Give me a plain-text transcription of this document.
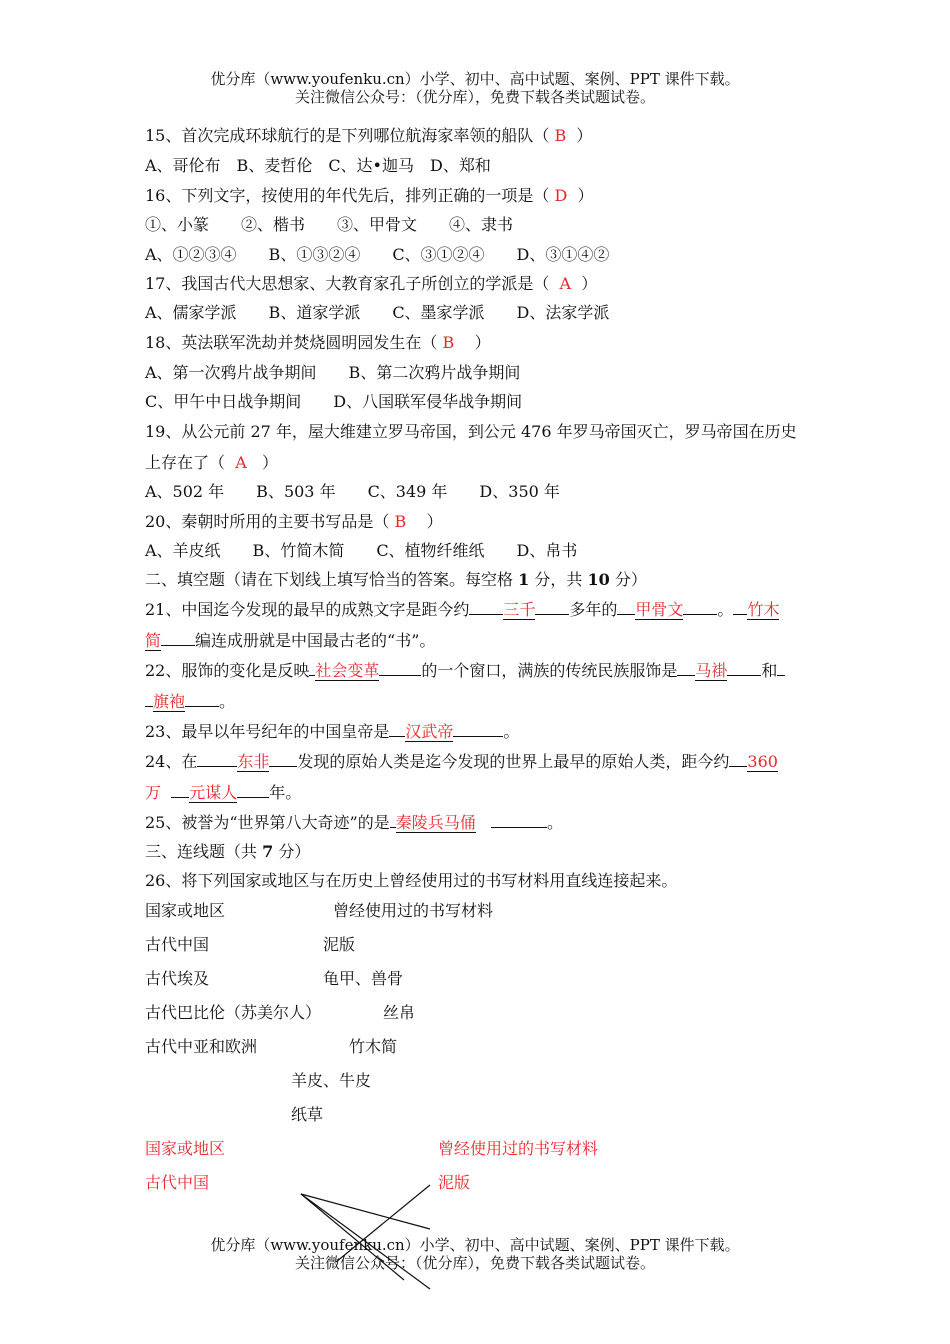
优分库（www.youfenku.cn）小学、初中、高中试题、案例、PPT 课件下载。
关注微信公众号：（优分库），免费下载各类试题试卷。
15、首次完成环球航行的是下列哪位航海家率领的船队（ B ）
A、哥伦布　B、麦哲伦　C、达•迦马　D、郑和
16、下列文字，按使用的年代先后，排列正确的一项是（ D ）
①、小篆　　②、楷书　　③、甲骨文　　④、隶书
A、①②③④　　B、①③②④　　C、③①②④　　D、③①④②
17、我国古代大思想家、大教育家孔子所创立的学派是（ A ）
A、儒家学派　　B、道家学派　　C、墨家学派　　D、法家学派
18、英法联军洗劫并焚烧圆明园发生在（ B ）
A、第一次鸦片战争期间　　B、第二次鸦片战争期间
C、甲午中日战争期间　　D、八国联军侵华战争期间
19、从公元前 27 年，屋大维建立罗马帝国，到公元 476 年罗马帝国灭亡，罗马帝国在历史
上存在了（ A ）
A、502 年　　B、503 年　　C、349 年　　D、350 年
20、秦朝时所用的主要书写品是（ B ）
A、羊皮纸　　B、竹简木简　　C、植物纤维纸　　D、帛书
二、填空题（请在下划线上填写恰当的答案。每空格 1 分，共 10 分）
21、中国迄今发现的最早的成熟文字是距今约 三千 多年的 甲骨文 。 竹木
简 编连成册就是中国最古老的“书”。
22、服饰的变化是反映 社会变革	的一个窗口，满族的传统民族服饰是 马褂 和
旗袍 。
23、最早以年号纪年的中国皇帝是 汉武帝	。
24、在	东非 发现的原始人类是迄今发现的世界上最早的原始人类，距今约 360
万 元谋人 年。
25、被誉为“世界第八大奇迹”的是 秦陵兵马俑	。
三、连线题（共 7 分）
26、将下列国家或地区与在历史上曾经使用过的书写材料用直线连接起来。
国家或地区	曾经使用过的书写材料
古代中国	泥版
古代埃及	龟甲、兽骨
古代巴比伦（苏美尔人）	丝帛
古代中亚和欧洲	竹木简
羊皮、牛皮
纸草
国家或地区	曾经使用过的书写材料
古代中国	泥版
优分库（www.youfenku.cn）小学、初中、高中试题、案例、PPT 课件下载。
关注微信公众号：（优分库），免费下载各类试题试卷。
